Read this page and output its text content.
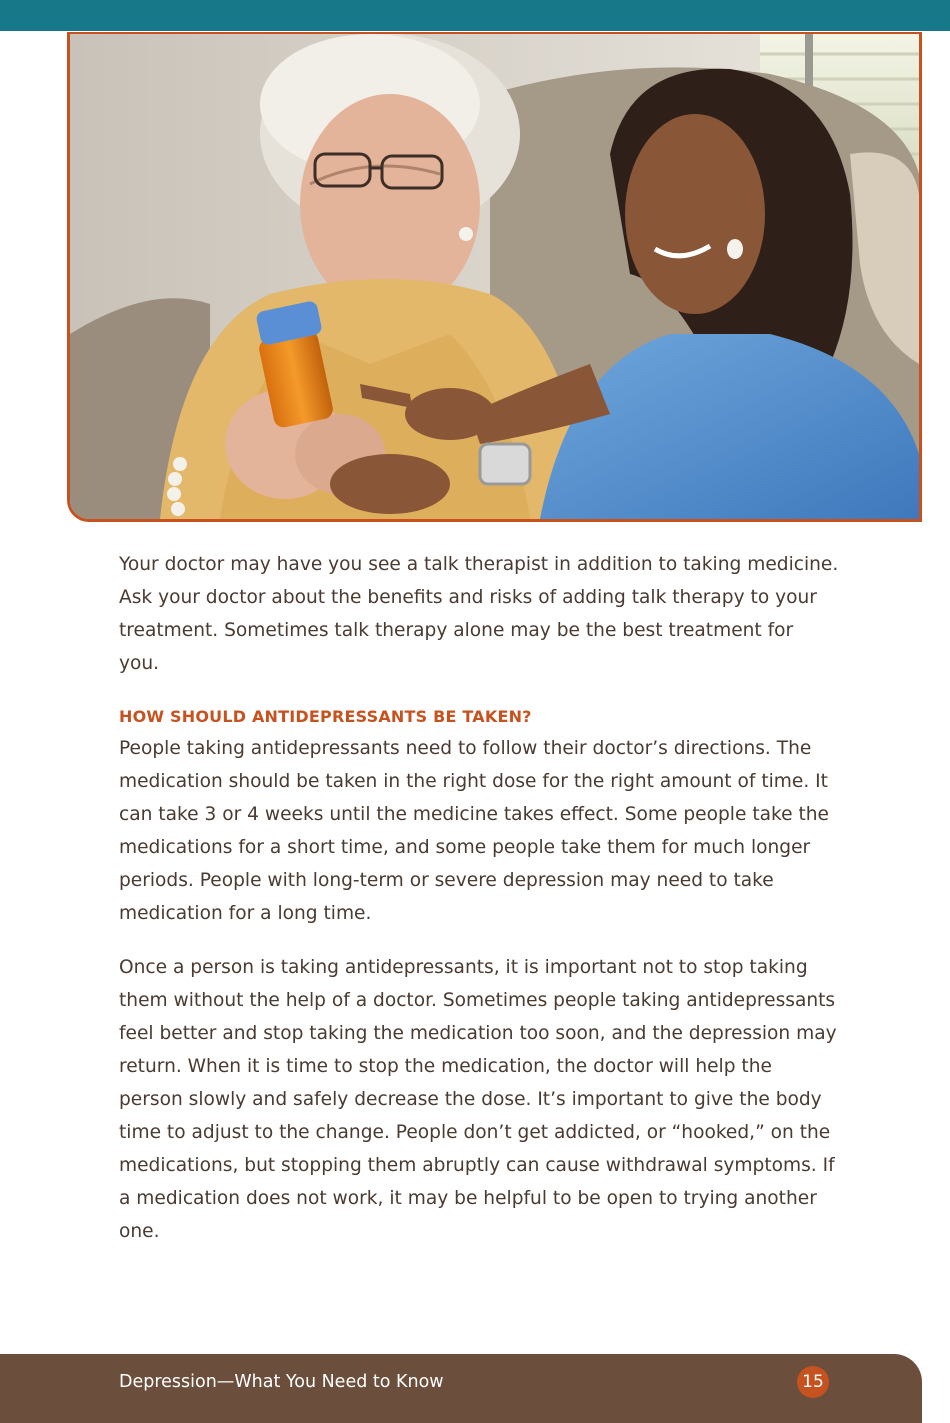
Your doctor may have you see a talk therapist in addition to taking medicine. Ask your doctor about the benefits and risks of adding talk therapy to your treatment. Sometimes talk therapy alone may be the best treatment for you.

HOW SHOULD ANTIDEPRESSANTS BE TAKEN?

People taking antidepressants need to follow their doctor’s directions. The medication should be taken in the right dose for the right amount of time. It can take 3 or 4 weeks until the medicine takes effect. Some people take the medications for a short time, and some people take them for much longer periods. People with long-term or severe depression may need to take medication for a long time.

Once a person is taking antidepressants, it is important not to stop taking them without the help of a doctor. Sometimes people taking antidepressants feel better and stop taking the medication too soon, and the depression may return. When it is time to stop the medication, the doctor will help the person slowly and safely decrease the dose. It’s important to give the body time to adjust to the change. People don’t get addicted, or “hooked,” on the medications, but stopping them abruptly can cause withdrawal symptoms. If a medication does not work, it may be helpful to be open to trying another one.

Depression—What You Need to Know	15
